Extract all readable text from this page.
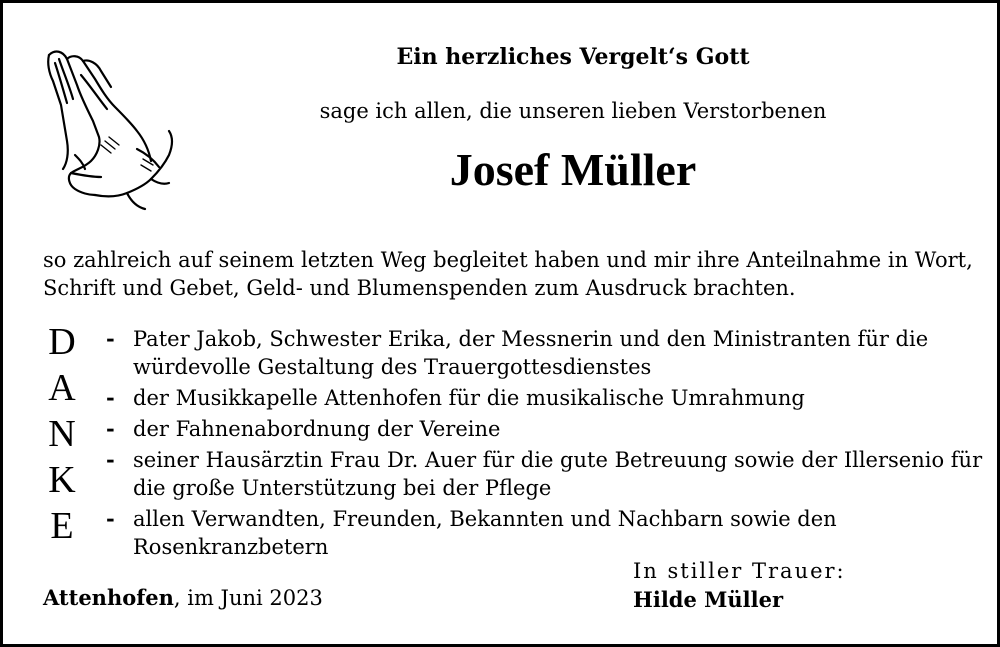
Ein herzliches Vergelt‘s Gott
sage ich allen, die unseren lieben Verstorbenen
Josef Müller
so zahlreich auf seinem letzten Weg begleitet haben und mir ihre Anteilnahme in Wort, Schrift und Gebet, Geld- und Blumenspenden zum Ausdruck brachten.
D
A
N
K
E
- Pater Jakob, Schwester Erika, der Messnerin und den Ministranten für die würdevolle Gestaltung des Trauergottesdienstes
- der Musikkapelle Attenhofen für die musikalische Umrahmung
- der Fahnenabordnung der Vereine
- seiner Hausärztin Frau Dr. Auer für die gute Betreuung sowie der Illersenio für die große Unterstützung bei der Pflege
- allen Verwandten, Freunden, Bekannten und Nachbarn sowie den Rosenkranzbetern
Attenhofen, im Juni 2023
In stiller Trauer:
Hilde Müller
